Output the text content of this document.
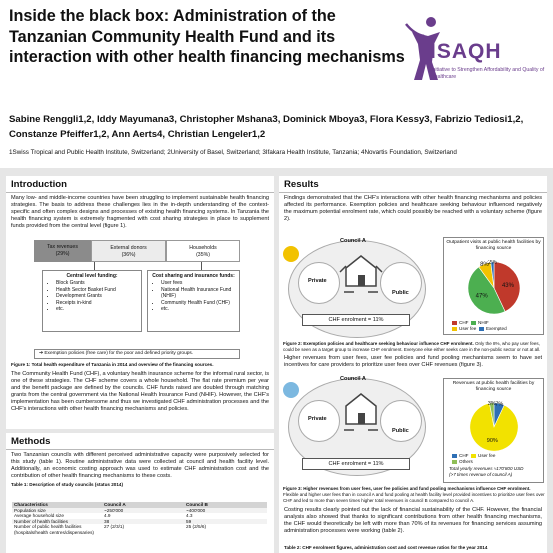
Inside the black box: Administration of the Tanzanian Community Health Fund and its interaction with other health financing mechanisms ISAQH
Initiative to Strengthen Affordability and Quality of Healthcare
Sabine Renggli1,2, Iddy Mayumana3, Christopher Mshana3, Dominick Mboya3, Flora Kessy3, Fabrizio Tediosi1,2, Constanze Pfeiffer1,2, Ann Aerts4, Christian Lengeler1,2
1Swiss Tropical and Public Health Institute, Switzerland; 2University of Basel, Switzerland; 3Ifakara Health Institute, Tanzania; 4Novartis Foundation, Switzerland
Introduction
Many low- and middle-income countries have been struggling to implement sustainable health financing strategies. The basis to address these challenges lies in the in-depth understanding of the context-specific and often complex designs and processes of existing health financing systems. In Tanzania the health financing system is extremely fragmented with cost sharing strategies in place to supplement funds provided from the central level (figure 1).
Tax revenues
(29%)
External donors
(36%)
Households
(35%)
Central level funding:
• Block Grants
• Health Sector Basket Fund
• Development Grants
• Receipts in-kind
• etc.
Cost sharing and insurance funds:
• User fees
• National Health Insurance Fund (NHIF)
• Community Health Fund (CHF)
• etc.
➔ Exemption policies (free care) for the poor and defined priority groups.
Figure 1: Total health expenditure of Tanzania in 2014 and overview of the financing sources.
The Community Health Fund (CHF), a voluntary health insurance scheme for the informal rural sector, is one of these strategies. The CHF scheme covers a whole household. The flat rate premium per year and the benefit package are defined by the councils. CHF funds raised are doubled through matching grants from the central government via the National Health Insurance Fund (NHIF). However, the CHF's implementation has been cumbersome and thus we investigated CHF administration processes and the CHF's interactions with other health financing mechanisms and policies.
Methods
Two Tanzanian councils with different perceived administrative capacity were purposively selected for this study (table 1). Routine administrative data were collected at council and health facility level. Additionally, an economic costing approach was used to estimate CHF administration cost and the contribution of other health financing mechanisms to these costs.
Table 1: Description of study councils (status 2014)
Characteristics	Council A	Council B
Population size	~250'000	~400'000
Average household size	4.9	4.3
Number of health facilities	38	59
Number of public health facilities (hospitals/health centres/dispensaries)	27 (2/3/1)	25 (2/5/6)
Results
Findings demonstrated that the CHF's interactions with other health financing mechanisms and policies affected its performance. Exemption policies and healthcare seeking behaviour influenced negatively the maximum potential enrolment rate, which could possibly be reached with a voluntary scheme (figure 2).
Council A
Private
Public
CHF enrolment = 11%
Outpatient visits at public health facilities by financing source
43%
47%
8% 2%
CHF NHIF
User fee Exempted
Figure 2: Exemption policies and healthcare seeking behaviour influence CHF enrolment. Only the 8%, who pay user fees, could be seen as a target group to increase CHF enrolment. Everyone else either seeks care in the non-public sector or not at all.
Higher revenues from user fees, user fee policies and fund pooling mechanisms seem to have set incentives for care providers to prioritize user fees over CHF revenues (figure 3).
Council A
Private
Public
CHF enrolment = 11%
Revenues at public health facilities by financing source
7%
90%
3%
CHF User fee
Others
Total yearly revenues ≈170'800 USD
(>7 times revenue of council A)
Figure 3: Higher revenues from user fees, user fee policies and fund pooling mechanisms influence CHF enrolment. Flexible and higher user fees than in council A and fund pooling at health facility level provided incentives to prioritize user fees over CHF and led to more than seven times higher total revenues in council B compared to council A.
Costing results clearly pointed out the lack of financial sustainability of the CHF. However, the financial analysis also showed that thanks to significant contributions from other health financing mechanisms, the CHF would theoretically be left with more than 70% of its revenues for financing services assuming administration processes were working (table 2).
Table 2: CHF enrolment figures, administration cost and cost revenue ratios for the year 2014
